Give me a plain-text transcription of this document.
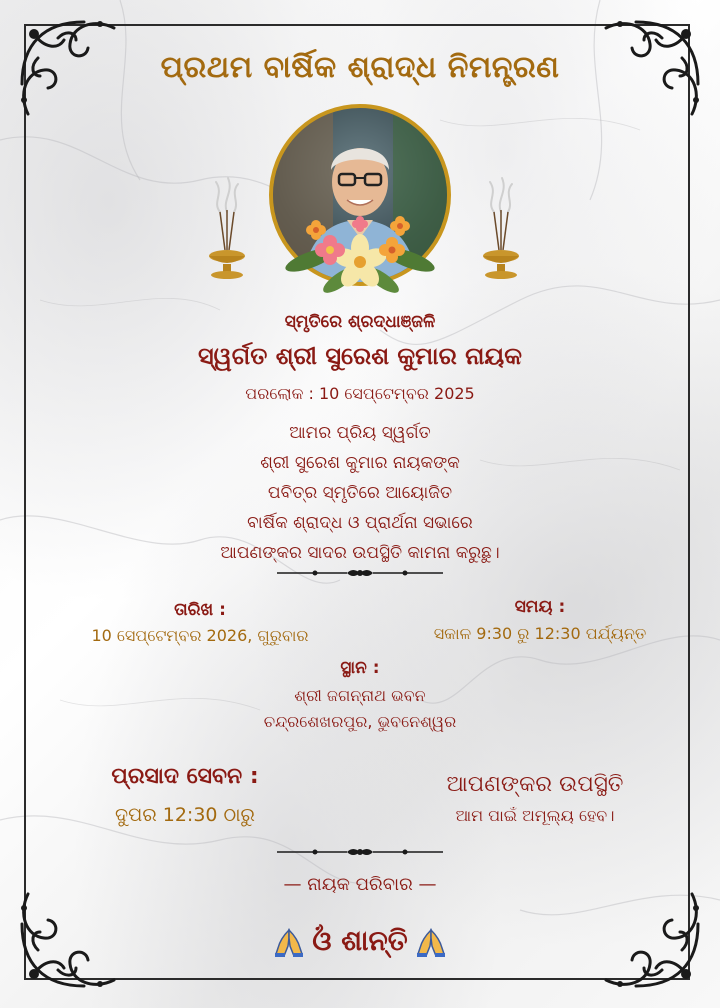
ପ୍ରଥମ ବାର୍ଷିକ ଶ୍ରାଦ୍ଧ ନିମନ୍ତ୍ରଣ
ସ୍ମୃତିରେ ଶ୍ରଦ୍ଧାଞ୍ଜଳି
ସ୍ୱର୍ଗତ ଶ୍ରୀ ସୁରେଶ କୁମାର ନାୟକ
ପରଲୋକ : 10 ସେପ୍ଟେମ୍ବର 2025
ଆମର ପ୍ରିୟ ସ୍ୱର୍ଗତ
ଶ୍ରୀ ସୁରେଶ କୁମାର ନାୟକଙ୍କ
ପବିତ୍ର ସ୍ମୃତିରେ ଆୟୋଜିତ
ବାର୍ଷିକ ଶ୍ରାଦ୍ଧ ଓ ପ୍ରାର୍ଥନା ସଭାରେ
ଆପଣଙ୍କର ସାଦର ଉପସ୍ଥିତି କାମନା କରୁଛୁ।
ତାରିଖ :
10 ସେପ୍ଟେମ୍ବର 2026, ଗୁରୁବାର
ସମୟ :
ସକାଳ 9:30 ରୁ 12:30 ପର୍ଯ୍ୟନ୍ତ
ସ୍ଥାନ :
ଶ୍ରୀ ଜଗନ୍ନାଥ ଭବନ
ଚନ୍ଦ୍ରଶେଖରପୁର, ଭୁବନେଶ୍ୱର
ପ୍ରସାଦ ସେବନ :
ଦୁପର 12:30 ଠାରୁ
ଆପଣଙ୍କର ଉପସ୍ଥିତି
ଆମ ପାଇଁ ଅମୂଲ୍ୟ ହେବ।
— ନାୟକ ପରିବାର —
ଓଁ ଶାନ୍ତି
